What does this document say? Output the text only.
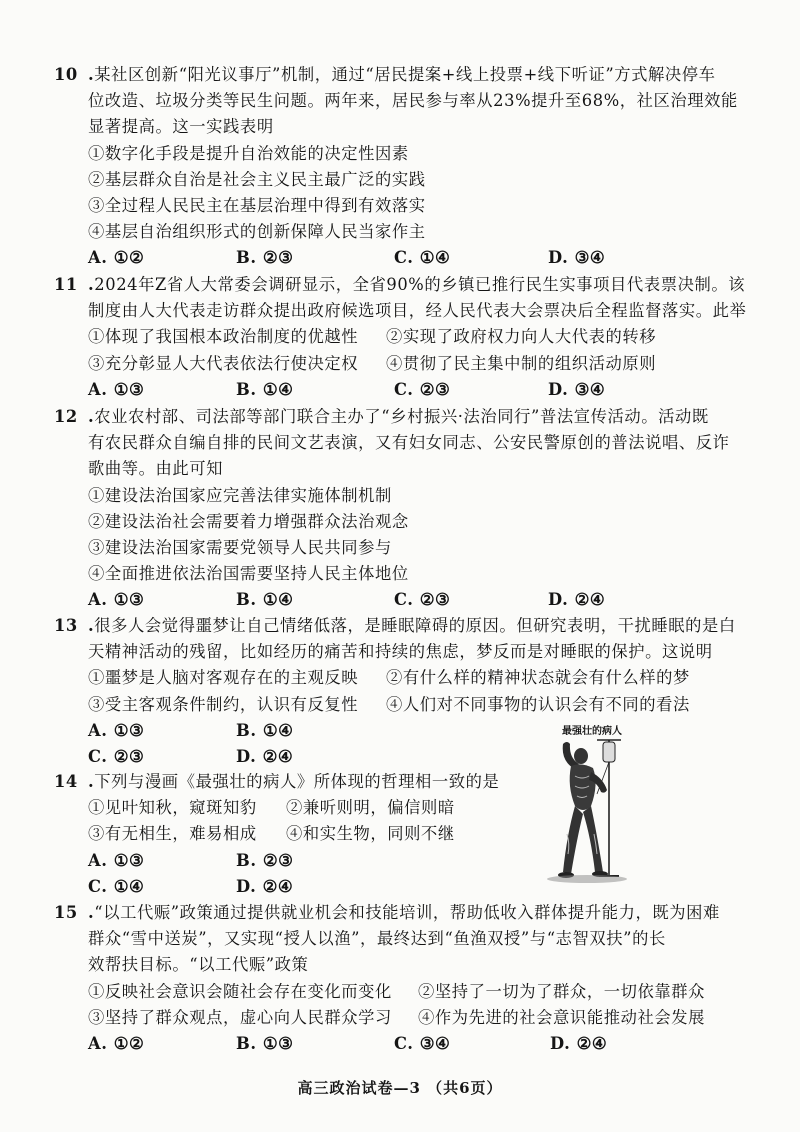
10 .某社区创新“阳光议事厅”机制，通过“居民提案+线上投票+线下听证”方式解决停车
位改造、垃圾分类等民生问题。两年来，居民参与率从23%提升至68%，社区治理效能
显著提高。这一实践表明
①数字化手段是提升自治效能的决定性因素
②基层群众自治是社会主义民主最广泛的实践
③全过程人民民主在基层治理中得到有效落实
④基层自治组织形式的创新保障人民当家作主
A. ①②	B. ②③	C. ①④	D. ③④
11 .2024年Z省人大常委会调研显示，全省90%的乡镇已推行民生实事项目代表票决制。该
制度由人大代表走访群众提出政府候选项目，经人民代表大会票决后全程监督落实。此举
①体现了我国根本政治制度的优越性 ②实现了政府权力向人大代表的转移
③充分彰显人大代表依法行使决定权 ④贯彻了民主集中制的组织活动原则
A. ①③	B. ①④	C. ②③	D. ③④
12 .农业农村部、司法部等部门联合主办了“乡村振兴·法治同行”普法宣传活动。活动既
有农民群众自编自排的民间文艺表演，又有妇女同志、公安民警原创的普法说唱、反诈
歌曲等。由此可知
①建设法治国家应完善法律实施体制机制
②建设法治社会需要着力增强群众法治观念
③建设法治国家需要党领导人民共同参与
④全面推进依法治国需要坚持人民主体地位
A. ①③	B. ①④	C. ②③	D. ②④
13 .很多人会觉得噩梦让自己情绪低落，是睡眠障碍的原因。但研究表明，干扰睡眠的是白
天精神活动的残留，比如经历的痛苦和持续的焦虑，梦反而是对睡眠的保护。这说明
①噩梦是人脑对客观存在的主观反映 ②有什么样的精神状态就会有什么样的梦
③受主客观条件制约，认识有反复性 ④人们对不同事物的认识会有不同的看法
A. ①③	B. ①④
C. ②③	D. ②④
最强壮的病人
14 .下列与漫画《最强壮的病人》所体现的哲理相一致的是
①见叶知秋，窥斑知豹 ②兼听则明，偏信则暗
③有无相生，难易相成 ④和实生物，同则不继
A. ①③	B. ②③
C. ①④	D. ②④
15 .“以工代赈”政策通过提供就业机会和技能培训，帮助低收入群体提升能力，既为困难
群众“雪中送炭”，又实现“授人以渔”，最终达到“鱼渔双授”与“志智双扶”的长
效帮扶目标。“以工代赈”政策
①反映社会意识会随社会存在变化而变化 ②坚持了一切为了群众，一切依靠群众
③坚持了群众观点，虚心向人民群众学习 ④作为先进的社会意识能推动社会发展
A. ①②	B. ①③	C. ③④	D. ②④
高三政治试卷—3 （共6页）
